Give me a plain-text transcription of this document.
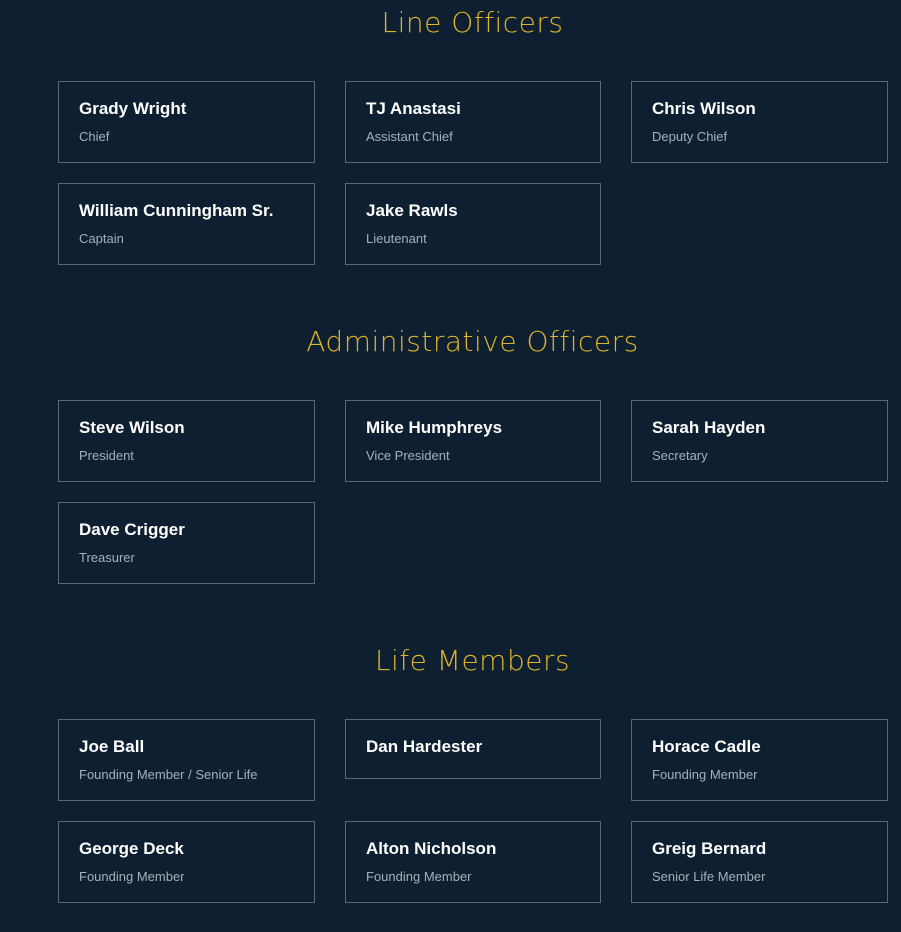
Line Officers
Grady Wright
Chief
TJ Anastasi
Assistant Chief
Chris Wilson
Deputy Chief
William Cunningham Sr.
Captain
Jake Rawls
Lieutenant
Administrative Officers
Steve Wilson
President
Mike Humphreys
Vice President
Sarah Hayden
Secretary
Dave Crigger
Treasurer
Life Members
Joe Ball
Founding Member / Senior Life
Dan Hardester	Horace Cadle
Founding Member
George Deck
Founding Member
Alton Nicholson
Founding Member
Greig Bernard
Senior Life Member
